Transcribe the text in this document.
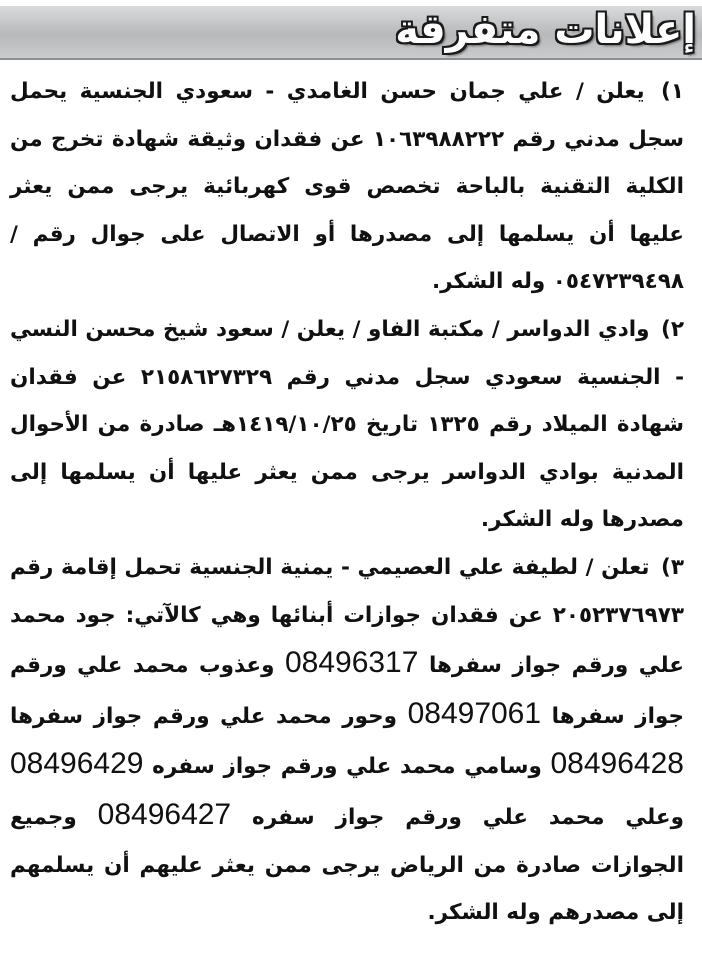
إعلانات متفرقة

١) يعلن / علي جمان حسن الغامدي - سعودي الجنسية يحمل سجل مدني رقم ١٠٦٣٩٨٨٢٢٢ عن فقدان وثيقة شهادة تخرج من الكلية التقنية بالباحة تخصص قوى كهربائية يرجى ممن يعثر عليها أن يسلمها إلى مصدرها أو الاتصال على جوال رقم /٠٥٤٧٢٣٩٤٩٨ وله الشكر.

٢) وادي الدواسر / مكتبة الفاو / يعلن / سعود شيخ محسن النسي - الجنسية سعودي سجل مدني رقم ٢١٥٨٦٢٧٣٢٩ عن فقدان شهادة الميلاد رقم ١٣٢٥ تاريخ ١٤١٩/١٠/٢٥هـ صادرة من الأحوال المدنية بوادي الدواسر يرجى ممن يعثر عليها أن يسلمها إلى مصدرها وله الشكر.

٣) تعلن / لطيفة علي العصيمي - يمنية الجنسية تحمل إقامة رقم ٢٠٥٢٣٧٦٩٧٣ عن فقدان جوازات أبنائها وهي كالآتي: جود محمد علي ورقم جواز سفرها 08496317 وعذوب محمد علي ورقم جواز سفرها 08497061 وحور محمد علي ورقم جواز سفرها 08496428 وسامي محمد علي ورقم جواز سفره 08496429 وعلي محمد علي ورقم جواز سفره 08496427 وجميع الجوازات صادرة من الرياض يرجى ممن يعثر عليهم أن يسلمهم إلى مصدرهم وله الشكر.
